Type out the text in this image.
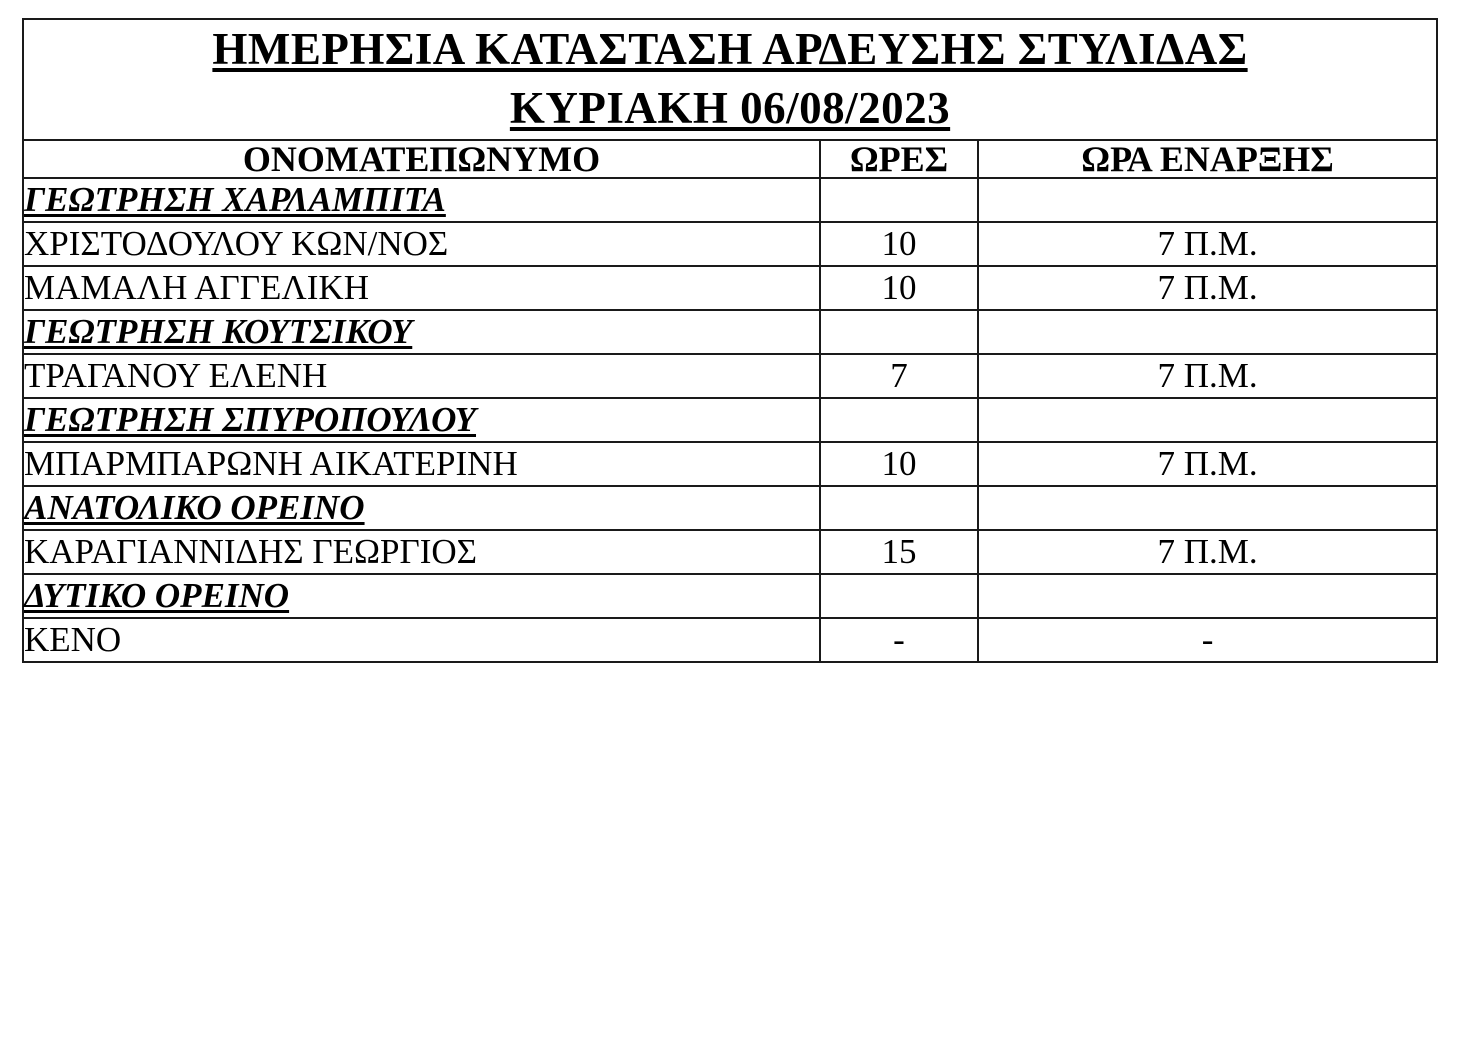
ΗΜΕΡΗΣΙΑ ΚΑΤΑΣΤΑΣΗ ΑΡΔΕΥΣΗΣ ΣΤΥΛΙΔΑΣ
ΚΥΡΙΑΚΗ 06/08/2023		

ΟΝΟΜΑΤΕΠΩΝΥΜΟ	ΩΡΕΣ	ΩΡΑ ΕΝΑΡΞΗΣ
ΓΕΩΤΡΗΣΗ ΧΑΡΛΑΜΠΙΤΑ		
ΧΡΙΣΤΟΔΟΥΛΟΥ ΚΩΝ/ΝΟΣ	10	7 Π.Μ.
ΜΑΜΑΛΗ ΑΓΓΕΛΙΚΗ	10	7 Π.Μ.
ΓΕΩΤΡΗΣΗ ΚΟΥΤΣΙΚΟΥ		
ΤΡΑΓΑΝΟΥ ΕΛΕΝΗ	7	7 Π.Μ.
ΓΕΩΤΡΗΣΗ ΣΠΥΡΟΠΟΥΛΟΥ		
ΜΠΑΡΜΠΑΡΩΝΗ ΑΙΚΑΤΕΡΙΝΗ	10	7 Π.Μ.
ΑΝΑΤΟΛΙΚΟ ΟΡΕΙΝΟ		
ΚΑΡΑΓΙΑΝΝΙΔΗΣ ΓΕΩΡΓΙΟΣ	15	7 Π.Μ.
ΔΥΤΙΚΟ ΟΡΕΙΝΟ		
ΚΕΝΟ	-	-
